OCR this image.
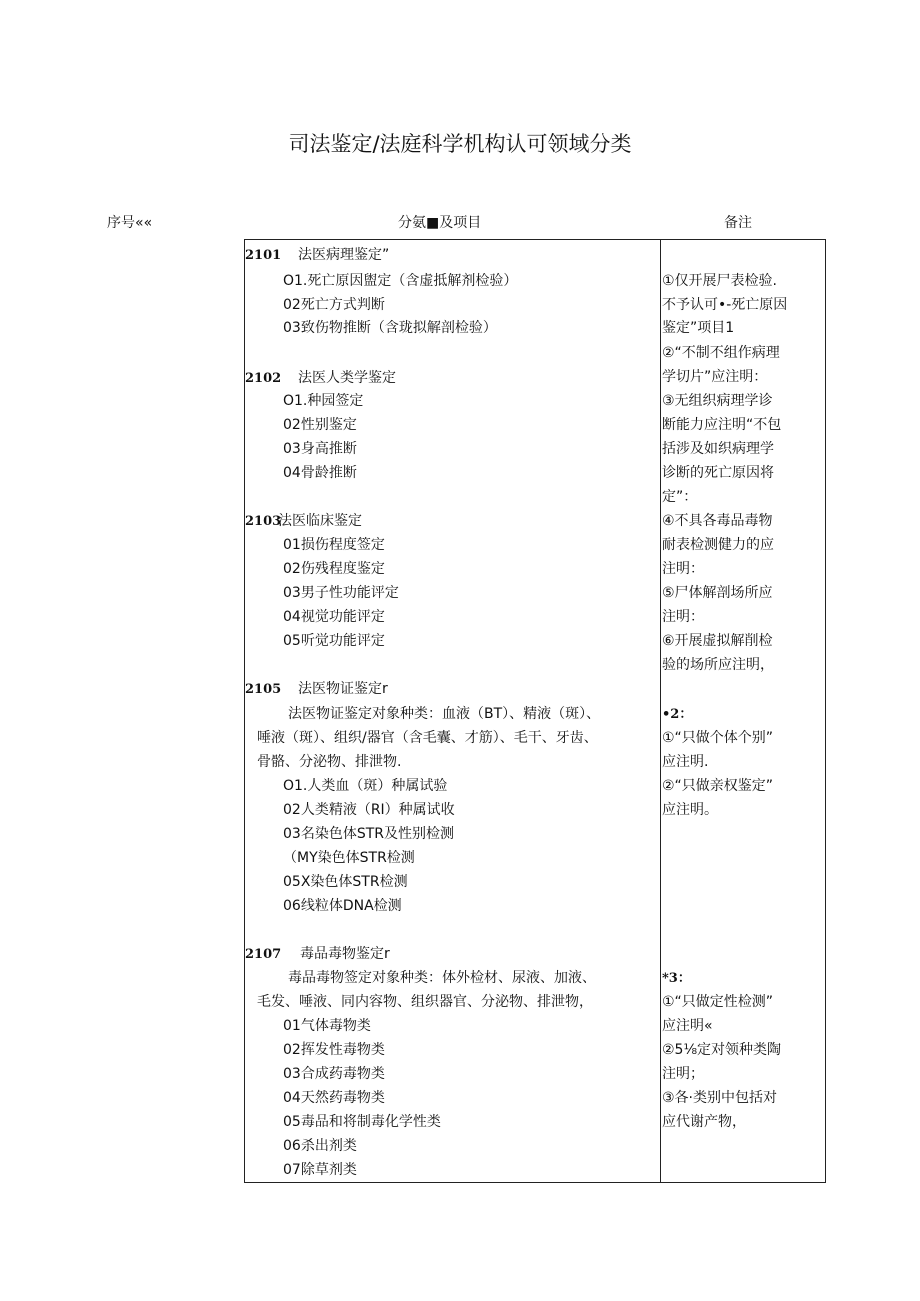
司法鉴定/法庭科学机构认可领域分类
序号««	分氨■及项目	备注
2101 法医病理鉴定”
O1.死亡原因盥定（含虚抵解剂检验）
02死亡方式判断
03致伤物推断（含珑拟解剖检验）
2102 法医人类学鉴定
O1.种园签定
02性别鉴定
03身高推断
04骨龄推断
2103
法医临床鉴定
01损伤程度签定
02伤残程度鉴定
03男子性功能评定
04视觉功能评定
05听觉功能评定
2105 法医物证鉴定r
法医物证鉴定对象种类：血液（BT）、精液（斑）、
唾液（斑）、组织/器官（含毛囊、才筋）、毛干、牙齿、
骨骼、分泌物、排泄物.
O1.人类血（斑）种属试验
02人类精液（RI）种属试收
03名染色体STR及性别检测
（MY染色体STR检测
05X染色体STR检测
06线粒体DNA检测
2107 毒品毒物鉴定r
毒品毒物签定对象种类：体外检材、尿液、加液、
毛发、唾液、同内容物、组织器官、分泌物、排泄物，
01气体毒物类
02挥发性毒物类
03合成药毒物类
04天然药毒物类
05毒品和将制毒化学性类
06杀出剂类
07除草剂类
①仅开展尸表检验.
不予认可•-死亡原因
鉴定”项目1
②“不制不组作病理
学切片”应注明：
③无组织病理学诊
断能力应注明“不包
括涉及如织病理学
诊断的死亡原因将
定”：
④不具各毒品毒物
耐表检测健力的应
注明：
⑤尸体解剖场所应
注明：
⑥开展虚拟解削检
验的场所应注明，
•2：
①“只做个体个别”
应注明.
②“只做亲权鉴定”
应注明。
*3：
①“只做定性检测”
应注明«
②5⅛定对领种类陶
注明；
③各·类别中包括对
应代谢产物，
